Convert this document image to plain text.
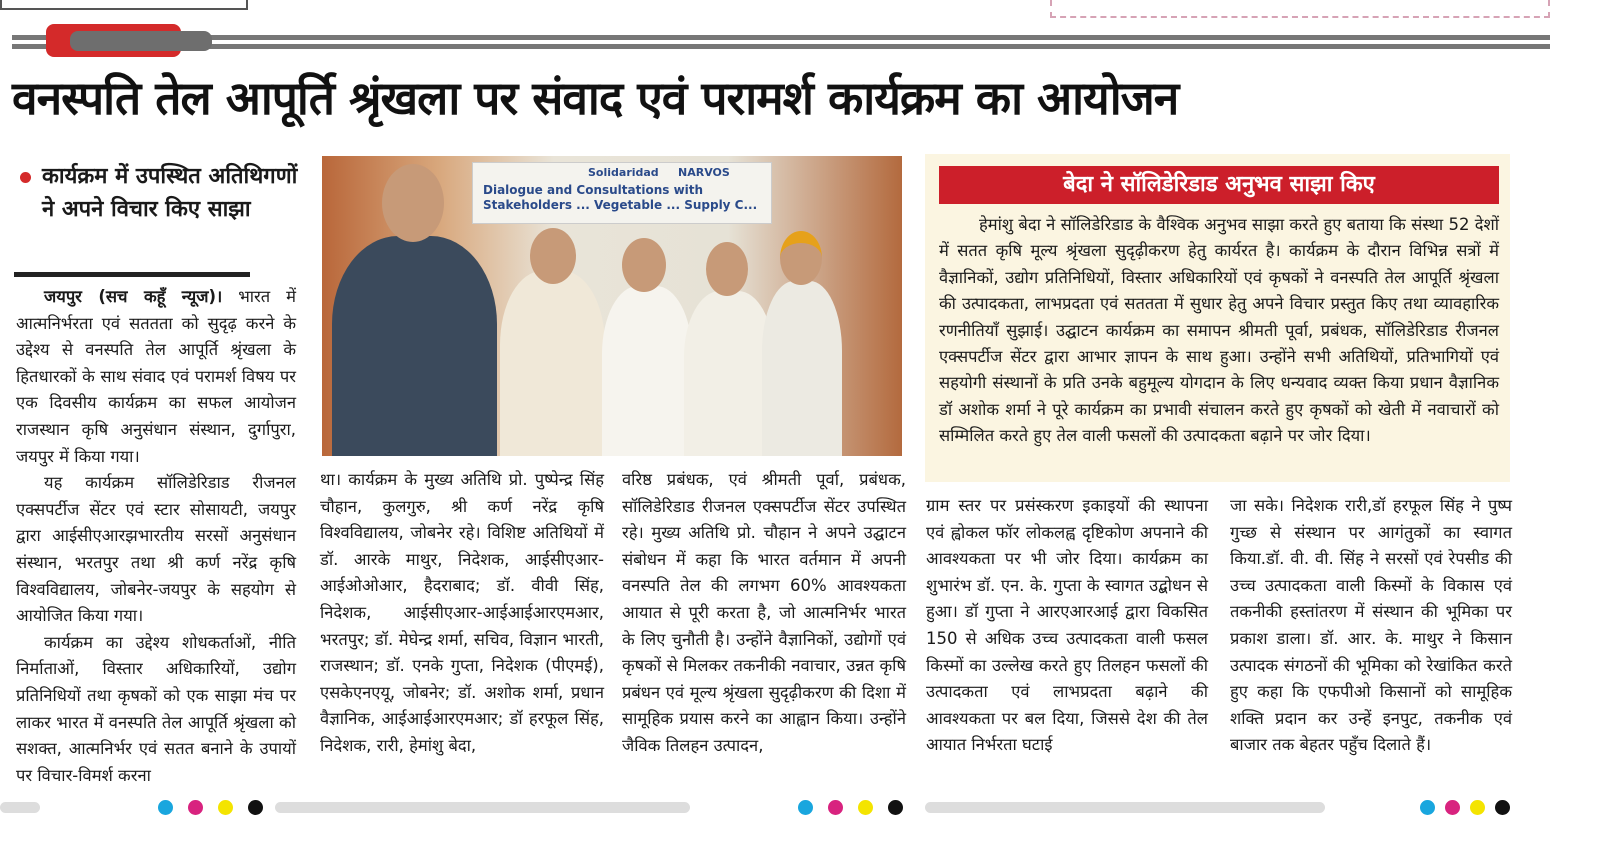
वनस्पति तेल आपूर्ति श्रृंखला पर संवाद एवं परामर्श कार्यक्रम का आयोजन
कार्यक्रम में उपस्थित अतिथिगणों ने अपने विचार किए साझा

जयपुर (सच कहूँ न्यूज)। भारत में आत्मनिर्भरता एवं सततता को सुदृढ़ करने के उद्देश्य से वनस्पति तेल आपूर्ति श्रृंखला के हितधारकों के साथ संवाद एवं परामर्श विषय पर एक दिवसीय कार्यक्रम का सफल आयोजन राजस्थान कृषि अनुसंधान संस्थान, दुर्गापुरा, जयपुर में किया गया।

यह कार्यक्रम सॉलिडेरिडाड रीजनल एक्सपर्टीज सेंटर एवं स्टार सोसायटी, जयपुर द्वारा आईसीएआरझभारतीय सरसों अनुसंधान संस्थान, भरतपुर तथा श्री कर्ण नरेंद्र कृषि विश्वविद्यालय, जोबनेर-जयपुर के सहयोग से आयोजित किया गया।

कार्यक्रम का उद्देश्य शोधकर्ताओं, नीति निर्माताओं, विस्तार अधिकारियों, उद्योग प्रतिनिधियों तथा कृषकों को एक साझा मंच पर लाकर भारत में वनस्पति तेल आपूर्ति श्रृंखला को सशक्त, आत्मनिर्भर एवं सतत बनाने के उपायों पर विचार-विमर्श करना

Solidaridad NARVOS
Dialogue and Consultations with Stakeholders ... Vegetable ... Supply C...
बेदा ने सॉलिडेरिडाड अनुभव साझा किए

हेमांशु बेदा ने सॉलिडेरिडाड के वैश्विक अनुभव साझा करते हुए बताया कि संस्था 52 देशों में सतत कृषि मूल्य श्रृंखला सुदृढ़ीकरण हेतु कार्यरत है। कार्यक्रम के दौरान विभिन्न सत्रों में वैज्ञानिकों, उद्योग प्रतिनिधियों, विस्तार अधिकारियों एवं कृषकों ने वनस्पति तेल आपूर्ति श्रृंखला की उत्पादकता, लाभप्रदता एवं सततता में सुधार हेतु अपने विचार प्रस्तुत किए तथा व्यावहारिक रणनीतियाँ सुझाई। उद्घाटन कार्यक्रम का समापन श्रीमती पूर्वा, प्रबंधक, सॉलिडेरिडाड रीजनल एक्सपर्टीज सेंटर द्वारा आभार ज्ञापन के साथ हुआ। उन्होंने सभी अतिथियों, प्रतिभागियों एवं सहयोगी संस्थानों के प्रति उनके बहुमूल्य योगदान के लिए धन्यवाद व्यक्त किया प्रधान वैज्ञानिक डॉ अशोक शर्मा ने पूरे कार्यक्रम का प्रभावी संचालन करते हुए कृषकों को खेती में नवाचारों को सम्मिलित करते हुए तेल वाली फसलों की उत्पादकता बढ़ाने पर जोर दिया।

था। कार्यक्रम के मुख्य अतिथि प्रो. पुष्पेन्द्र सिंह चौहान, कुलगुरु, श्री कर्ण नरेंद्र कृषि विश्वविद्यालय, जोबनेर रहे। विशिष्ट अतिथियों में डॉ. आरके माथुर, निदेशक, आईसीएआर-आईओओआर, हैदराबाद; डॉ. वीवी सिंह, निदेशक, आईसीएआर-आईआईआरएमआर, भरतपुर; डॉ. मेघेन्द्र शर्मा, सचिव, विज्ञान भारती, राजस्थान; डॉ. एनके गुप्ता, निदेशक (पीएमई), एसकेएनएयू, जोबनेर; डॉ. अशोक शर्मा, प्रधान वैज्ञानिक, आईआईआरएमआर; डॉ हरफूल सिंह, निदेशक, रारी, हेमांशु बेदा,

वरिष्ठ प्रबंधक, एवं श्रीमती पूर्वा, प्रबंधक, सॉलिडेरिडाड रीजनल एक्सपर्टीज सेंटर उपस्थित रहे। मुख्य अतिथि प्रो. चौहान ने अपने उद्घाटन संबोधन में कहा कि भारत वर्तमान में अपनी वनस्पति तेल की लगभग 60% आवश्यकता आयात से पूरी करता है, जो आत्मनिर्भर भारत के लिए चुनौती है। उन्होंने वैज्ञानिकों, उद्योगों एवं कृषकों से मिलकर तकनीकी नवाचार, उन्नत कृषि प्रबंधन एवं मूल्य श्रृंखला सुदृढ़ीकरण की दिशा में सामूहिक प्रयास करने का आह्वान किया। उन्होंने जैविक तिलहन उत्पादन,

ग्राम स्तर पर प्रसंस्करण इकाइयों की स्थापना एवं ह्वोकल फॉर लोकलह्व दृष्टिकोण अपनाने की आवश्यकता पर भी जोर दिया। कार्यक्रम का शुभारंभ डॉ. एन. के. गुप्ता के स्वागत उद्बोधन से हुआ। डॉ गुप्ता ने आरएआरआई द्वारा विकसित 150 से अधिक उच्च उत्पादकता वाली फसल किस्मों का उल्लेख करते हुए तिलहन फसलों की उत्पादकता एवं लाभप्रदता बढ़ाने की आवश्यकता पर बल दिया, जिससे देश की तेल आयात निर्भरता घटाई

जा सके। निदेशक रारी,डॉ हरफूल सिंह ने पुष्प गुच्छ से संस्थान पर आगंतुकों का स्वागत किया.डॉ. वी. वी. सिंह ने सरसों एवं रेपसीड की उच्च उत्पादकता वाली किस्मों के विकास एवं तकनीकी हस्तांतरण में संस्थान की भूमिका पर प्रकाश डाला। डॉ. आर. के. माथुर ने किसान उत्पादक संगठनों की भूमिका को रेखांकित करते हुए कहा कि एफपीओ किसानों को सामूहिक शक्ति प्रदान कर उन्हें इनपुट, तकनीक एवं बाजार तक बेहतर पहुँच दिलाते हैं।
